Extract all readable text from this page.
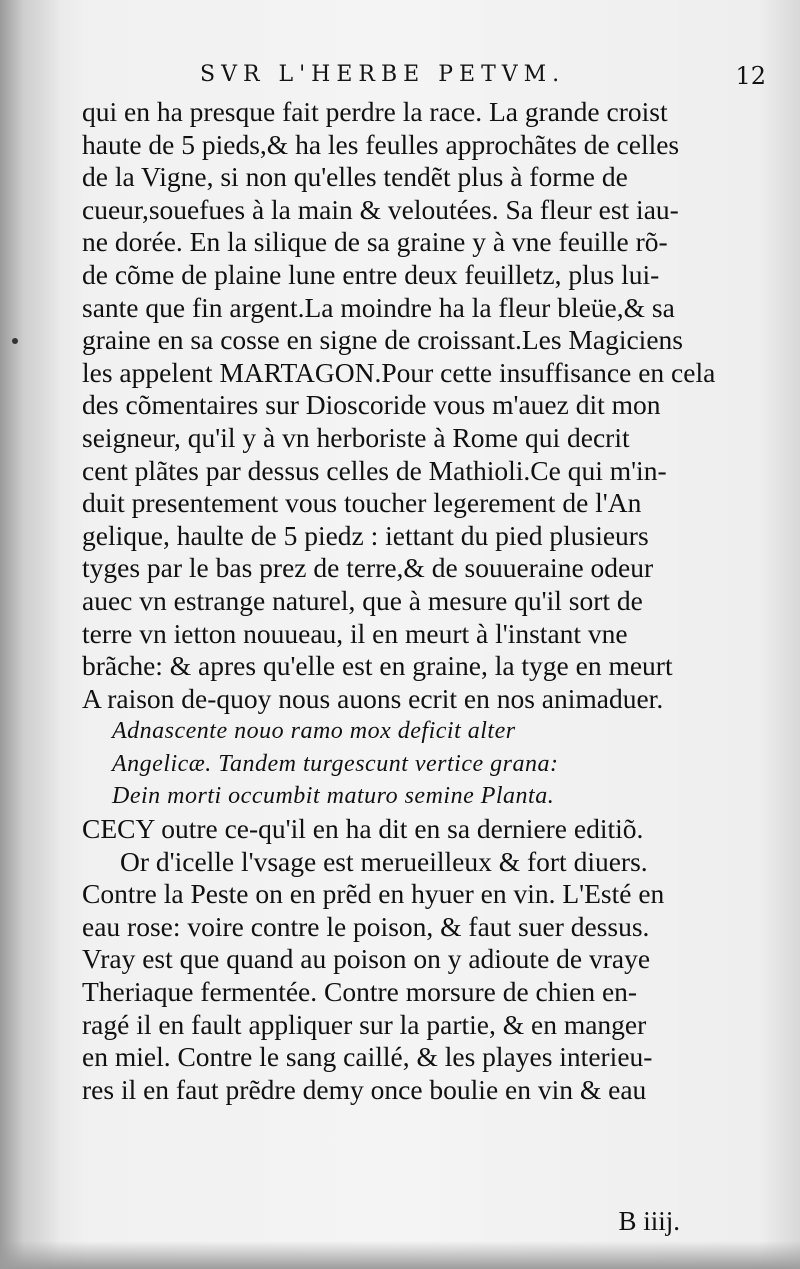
SVR L'HERBE PETVM.	12
qui en ha presque fait perdre la race. La grande croist
haute de 5 pieds,& ha les feulles approchãtes de celles
de la Vigne, si non qu'elles tendẽt plus à forme de
cueur,souefues à la main & veloutées. Sa fleur est iau-
ne dorée. En la silique de sa graine y à vne feuille rõ-
de cõme de plaine lune entre deux feuilletz, plus lui-
sante que fin argent.La moindre ha la fleur bleüe,& sa
graine en sa cosse en signe de croissant.Les Magiciens
les appelent MARTAGON.Pour cette insuffisance en cela
des cõmentaires sur Dioscoride vous m'auez dit mon
seigneur, qu'il y à vn herboriste à Rome qui decrit
cent plãtes par dessus celles de Mathioli.Ce qui m'in-
duit presentement vous toucher legerement de l'An
gelique, haulte de 5 piedz : iettant du pied plusieurs
tyges par le bas prez de terre,& de souueraine odeur
auec vn estrange naturel, que à mesure qu'il sort de
terre vn ietton nouueau, il en meurt à l'instant vne
brãche: & apres qu'elle est en graine, la tyge en meurt
A raison de-quoy nous auons ecrit en nos animaduer.
Adnascente nouo ramo mox deficit alter
Angelicæ. Tandem turgescunt vertice grana:
Dein morti occumbit maturo semine Planta.
CECY outre ce-qu'il en ha dit en sa derniere editiõ.
Or d'icelle l'vsage est merueilleux & fort diuers.
Contre la Peste on en prẽd en hyuer en vin. L'Esté en
eau rose: voire contre le poison, & faut suer dessus.
Vray est que quand au poison on y adioute de vraye
Theriaque fermentée. Contre morsure de chien en-
ragé il en fault appliquer sur la partie, & en manger
en miel. Contre le sang caillé, & les playes interieu-
res il en faut prẽdre demy once boulie en vin & eau
B iiij.
